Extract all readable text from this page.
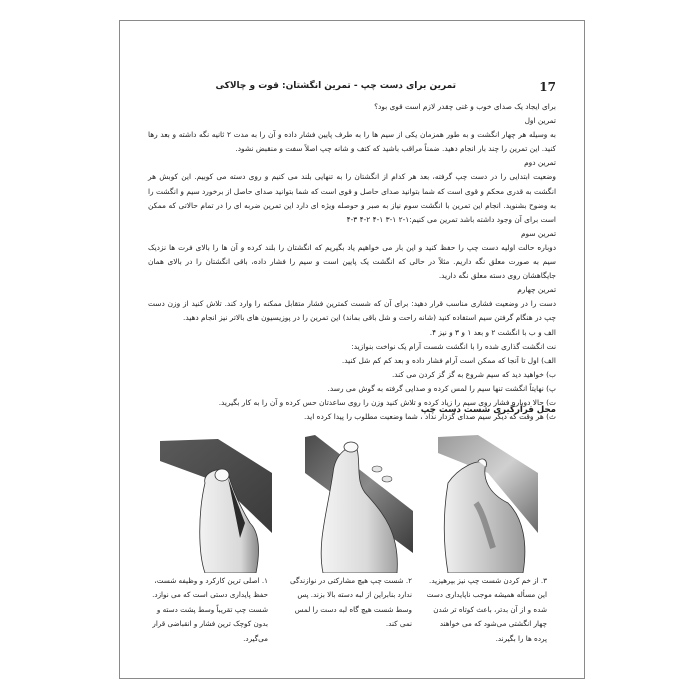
17
تمرین برای دست چپ - تمرین انگشتان: قوت و چالاکی

برای ایجاد یک صدای خوب و غنی چقدر لازم است قوی بود؟

تمرین اول

به وسیله هر چهار انگشت و به طور همزمان یکی از سیم ها را به طرف پایین فشار داده و آن را به مدت ۲ ثانیه نگه داشته و بعد رها کنید. این تمرین را چند بار انجام دهید. ضمناً مراقب باشید که کتف و شانه چپ اصلاً سفت و منقبض نشود.

تمرین دوم

وضعیت ابتدایی را در دست چپ گرفته، بعد هر کدام از انگشتان را به تنهایی بلند می کنیم و روی دسته می کوبیم. این کوبش هر انگشت به قدری محکم و قوی است که شما بتوانید صدای حاصل و قوی است که شما بتوانید صدای حاصل از برخورد سیم و انگشت را به وضوح بشنوید. انجام این تمرین با انگشت سوم نیاز به صبر و حوصله ویژه ای دارد این تمرین ضربه ای را در تمام حالاتی که ممکن است برای آن وجود داشته باشد تمرین می کنیم:۱-۲ ۱-۳ ۱-۴ ۲-۴ ۳-۴

تمرین سوم

دوباره حالت اولیه دست چپ را حفظ کنید و این بار می خواهیم یاد بگیریم که انگشتان را بلند کرده و آن ها را بالای فرت ها نزدیک سیم به صورت معلق نگه داریم. مثلاً در حالی که انگشت یک پایین است و سیم را فشار داده، باقی انگشتان را در بالای همان جایگاهشان روی دسته معلق نگه دارید.

تمرین چهارم

دست را در وضعیت فشاری مناسب قرار دهید: برای آن که شست کمترین فشار متقابل ممکنه را وارد کند. تلاش کنید از وزن دست چپ در هنگام گرفتن سیم استفاده کنید (شانه راحت و شل باقی بماند) این تمرین را در پوزیسیون های بالاتر نیز انجام دهید.

الف و ب با انگشت ۲ و بعد ۱ و ۳ و نیز ۴.

نت انگشت گذاری شده را با انگشت شست آرام یک نواخت بنوازید:

الف) اول تا آنجا که ممکن است آرام فشار داده و بعد کم کم شل کنید.

ب) خواهید دید که سیم شروع به گز گز کردن می کند.

پ) نهایتاً انگشت تنها سیم را لمس کرده و صدایی گرفته به گوش می رسد.

ت) حالا دوباره فشار روی سیم را زیاد کرده و تلاش کنید وزن را روی ساعدتان حس کرده و آن را به کار بگیرید.

ث) هر وقت که دیگر سیم صدای گزدار نداد ، شما وضعیت مطلوب را پیدا کرده اید.

محل قرارگیری شست دست چپ
۱. اصلی ترین کارکرد و وظیفه شست، حفظ پایداری دستی است که می نوازد. شست چپ تقریباً وسط پشت دسته و بدون کوچک ترین فشار و انقباضی قرار می‌گیرد.
۲. شست چپ هیچ مشارکتی در نوازندگی ندارد بنابراین از لبه دسته بالا بزند. پس وسط شست هیچ گاه لبه دست را لمس نمی کند.
۳. از خم کردن شست چپ نیز بپرهیزید. این مسأله همیشه موجب ناپایداری دست شده و از آن بدتر، باعث کوتاه تر شدن چهار انگشتی می‌شود که می خواهند پرده ها را بگیرند.
